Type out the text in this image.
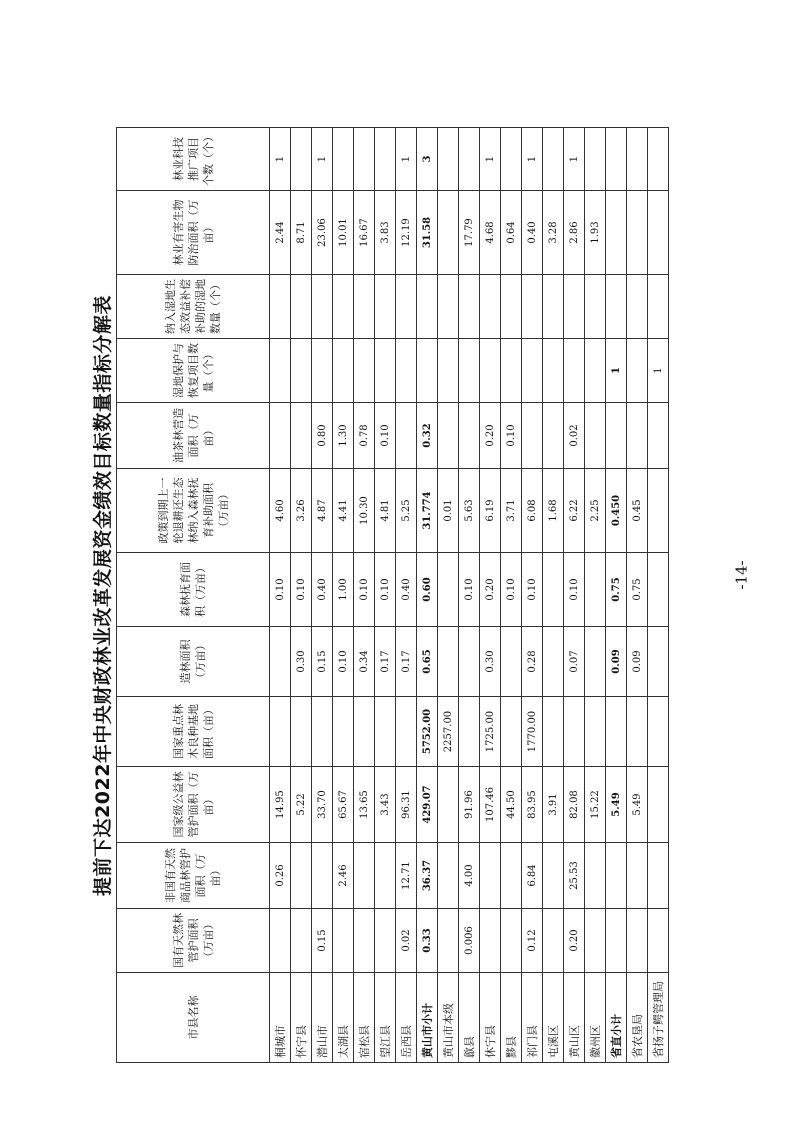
提前下达2022年中央财政林业改革发展资金绩效目标数量指标分解表
市县名称	国有天然林管护面积（万亩）	非国有天然商品林管护面积（万亩）	国家级公益林管护面积（万亩）	国家重点林木良种基地面积（亩）	造林面积（万亩）	森林抚育面积（万亩）	政策到期上一轮退耕还生态林纳入森林抚育补助面积（万亩）	油茶林营造面积（万亩）	湿地保护与恢复项目数量（个）	纳入湿地生态效益补偿补助的湿地数量（个）	林业有害生物防治面积（万亩）	林业科技推广项目个数（个）
桐城市		0.26	14.95			0.10	4.60				2.44	1
怀宁县			5.22		0.30	0.10	3.26				8.71	
潜山市	0.15		33.70		0.15	0.40	4.87	0.80			23.06	1
太湖县		2.46	65.67		0.10	1.00	4.41	1.30			10.01	
宿松县			13.65		0.34	0.10	10.30	0.78			16.67	
望江县			3.43		0.17	0.10	4.81	0.10			3.83	
岳西县	0.02	12.71	96.31		0.17	0.40	5.25				12.19	1
黄山市小计	0.33	36.37	429.07	5752.00	0.65	0.60	31.774	0.32			31.58	3
黄山市本级				2257.00			0.01					
歙县	0.006	4.00	91.96			0.10	5.63				17.79	
休宁县			107.46	1725.00	0.30	0.20	6.19	0.20			4.68	1
黟县			44.50			0.10	3.71	0.10			0.64	
祁门县	0.12	6.84	83.95	1770.00	0.28	0.10	6.08				0.40	1
屯溪区			3.91				1.68				3.28	
黄山区	0.20	25.53	82.08		0.07	0.10	6.22	0.02			2.86	1
徽州区			15.22				2.25				1.93	
省直小计			5.49		0.09	0.75	0.450		1			
省农垦局			5.49		0.09	0.75	0.45					
省扬子鳄管理局									1			
-14-
